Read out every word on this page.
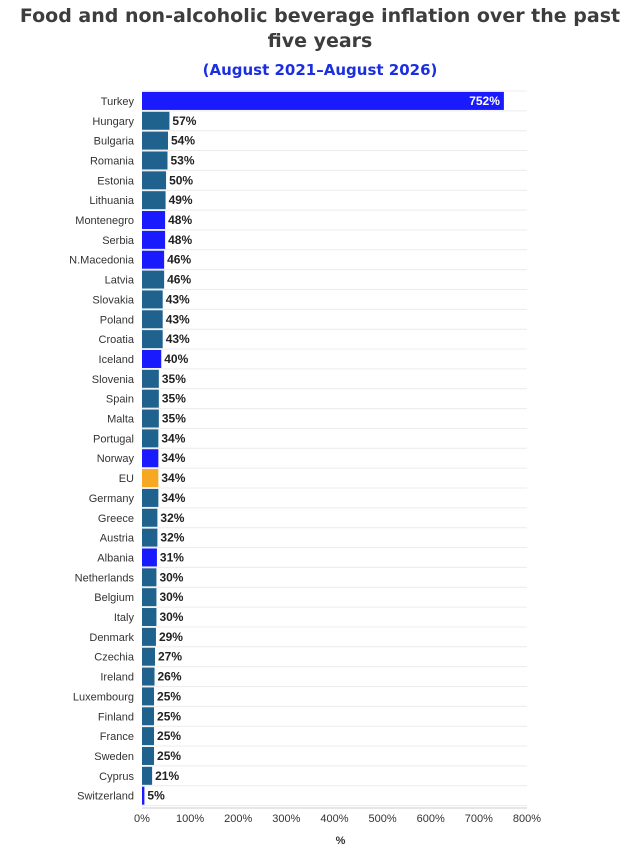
Food and non-alcoholic beverage inflation over the past five years
(August 2021–August 2026)
0% 100% 200% 300% 400% 500% 600% 700% 800%
%
Turkey	752%
Hungary	57%
Bulgaria	54%
Romania	53%
Estonia	50%
Lithuania	49%
Montenegro	48%
Serbia	48%
N.Macedonia	46%
Latvia	46%
Slovakia	43%
Poland	43%
Croatia	43%
Iceland	40%
Slovenia 35%
Spain 35%
Malta 35%
Portugal 34%
Norway 34%
EU 34%
Germany 34%
Greece 32%
Austria 32%
Albania 31%
Netherlands 30%
Belgium 30%
Italy 30%
Denmark 29%
Czechia 27%
Ireland 26%
Luxembourg 25%
Finland 25%
France 25%
Sweden 25%
Cyprus 21%
Switzerland 5%
